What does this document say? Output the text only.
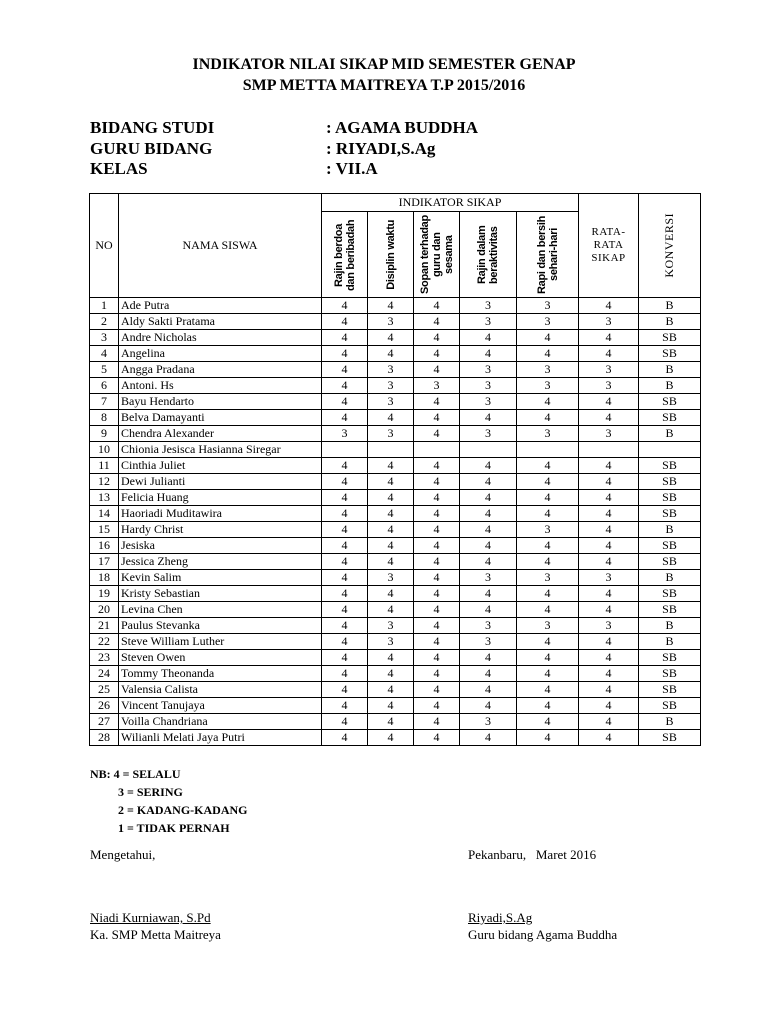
INDIKATOR NILAI SIKAP MID SEMESTER GENAP
SMP METTA MAITREYA T.P 2015/2016
BIDANG STUDI	: AGAMA BUDDHA
GURU BIDANG	: RIYADI,S.Ag
KELAS	: VII.A
NO	NAMA SISWA	INDIKATOR SIKAP					RATA-RATA SIKAP	KONVERSI

		Rajin berdoa dan beribadah	Disiplin waktu	Sopan terhadap guru dan sesama	Rajin dalam beraktivitas	Rapi dan bersih sehari-hari		

1	Ade Putra	4	4	4	3	3	4	B
2	Aldy Sakti Pratama	4	3	4	3	3	3	B
3	Andre Nicholas	4	4	4	4	4	4	SB
4	Angelina	4	4	4	4	4	4	SB
5	Angga Pradana	4	3	4	3	3	3	B
6	Antoni. Hs	4	3	3	3	3	3	B
7	Bayu Hendarto	4	3	4	3	4	4	SB
8	Belva Damayanti	4	4	4	4	4	4	SB
9	Chendra Alexander	3	3	4	3	3	3	B
10	Chionia Jesisca Hasianna Siregar							
11	Cinthia Juliet	4	4	4	4	4	4	SB
12	Dewi Julianti	4	4	4	4	4	4	SB
13	Felicia Huang	4	4	4	4	4	4	SB
14	Haoriadi Muditawira	4	4	4	4	4	4	SB
15	Hardy Christ	4	4	4	4	3	4	B
16	Jesiska	4	4	4	4	4	4	SB
17	Jessica Zheng	4	4	4	4	4	4	SB
18	Kevin Salim	4	3	4	3	3	3	B
19	Kristy Sebastian	4	4	4	4	4	4	SB
20	Levina Chen	4	4	4	4	4	4	SB
21	Paulus Stevanka	4	3	4	3	3	3	B
22	Steve William Luther	4	3	4	3	4	4	B
23	Steven Owen	4	4	4	4	4	4	SB
24	Tommy Theonanda	4	4	4	4	4	4	SB
25	Valensia Calista	4	4	4	4	4	4	SB
26	Vincent Tanujaya	4	4	4	4	4	4	SB
27	Voilla Chandriana	4	4	4	3	4	4	B
28	Wilianli Melati Jaya Putri	4	4	4	4	4	4	SB
NB: 4 = SELALU
3 = SERING
2 = KADANG-KADANG
1 = TIDAK PERNAH
Mengetahui,	Pekanbaru,   Maret 2016
Niadi Kurniawan, S.Pd
Ka. SMP Metta Maitreya
Riyadi,S.Ag
Guru bidang Agama Buddha
